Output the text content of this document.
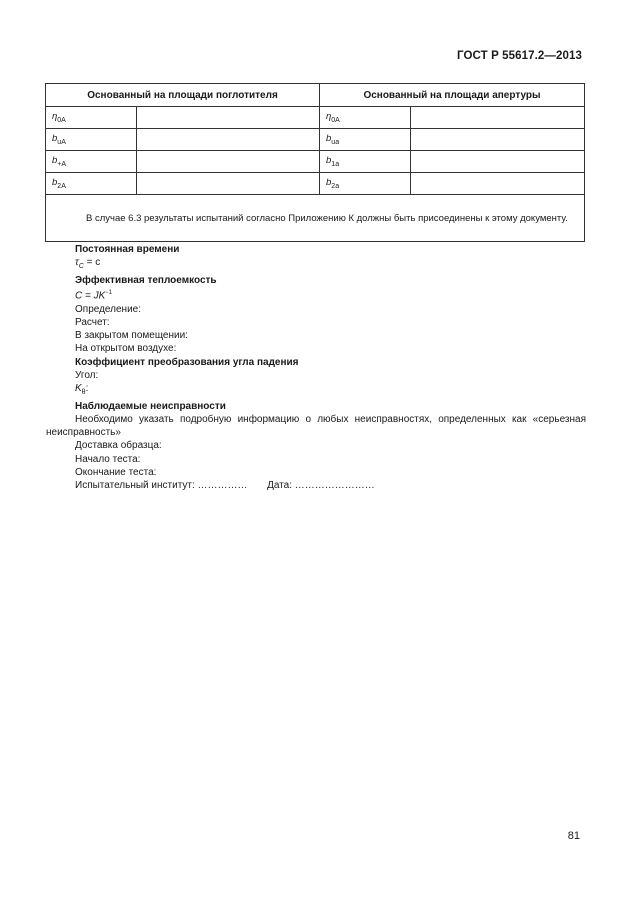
ГОСТ Р 55617.2—2013
Основанный на площади поглотителя		Основанный на площади апертуры	
$\eta_{0A}$		$\eta_{0A}$	
$b_{uA}$		$b_{ua}$	
$b_{+A}$		$b_{1a}$	
$b_{2A}$		$b_{2a}$	
В случае 6.3 результаты испытаний согласно Приложению К должны быть присоединены к этому документу.			
Постоянная времени
$\tau_C = с$
Эффективная теплоемкость
$C = JK^{-1}$
Определение:
Расчет:
В закрытом помещении:
На открытом воздухе:
Коэффициент преобразования угла падения
Угол:
$K_\theta$:
Наблюдаемые неисправности
Необходимо указать подробную информацию о любых неисправностях, определенных как «серьезная неисправность»
Доставка образца:
Начало теста:
Окончание теста:
Испытательный институт: …………… Дата: ……………………
81
